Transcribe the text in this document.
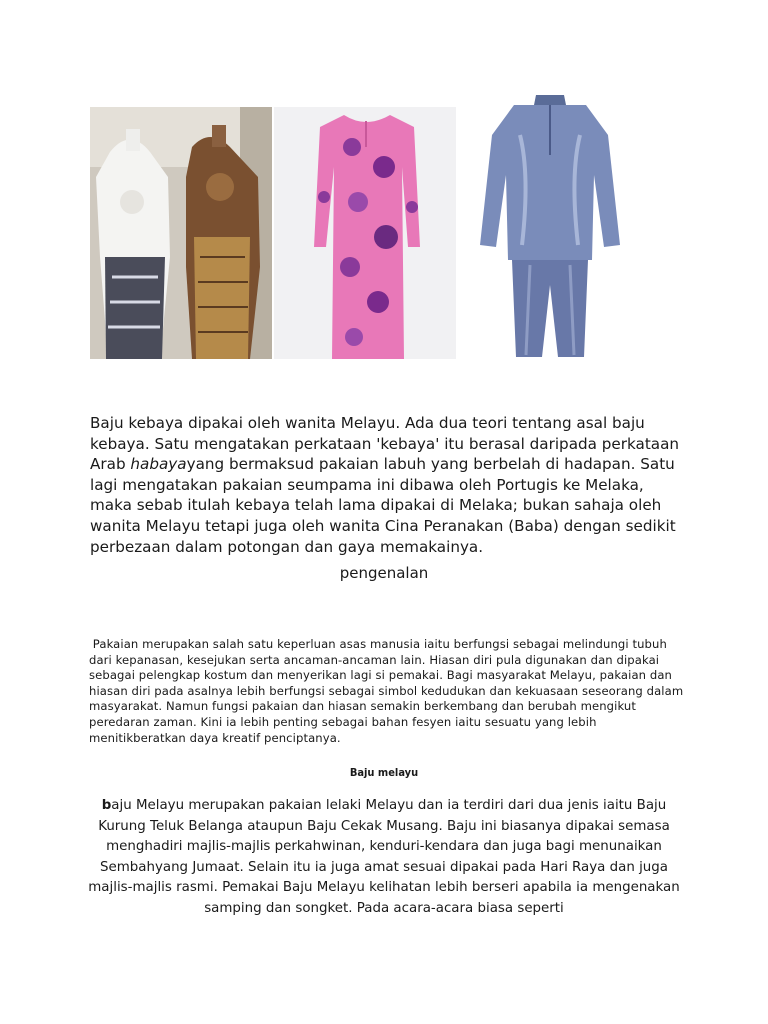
Baju kebaya dipakai oleh wanita Melayu. Ada dua teori tentang asal baju kebaya. Satu mengatakan perkataan 'kebaya' itu berasal daripada perkataan Arab habayayang bermaksud pakaian labuh yang berbelah di hadapan. Satu lagi mengatakan pakaian seumpama ini dibawa oleh Portugis ke Melaka, maka sebab itulah kebaya telah lama dipakai di Melaka; bukan sahaja oleh wanita Melayu tetapi juga oleh wanita Cina Peranakan (Baba) dengan sedikit perbezaan dalam potongan dan gaya memakainya.

pengenalan

Pakaian merupakan salah satu keperluan asas manusia iaitu berfungsi sebagai melindungi tubuh dari kepanasan, kesejukan serta ancaman-ancaman lain. Hiasan diri pula digunakan dan dipakai sebagai pelengkap kostum dan menyerikan lagi si pemakai. Bagi masyarakat Melayu, pakaian dan hiasan diri pada asalnya lebih berfungsi sebagai simbol kedudukan dan kekuasaan seseorang dalam masyarakat. Namun fungsi pakaian dan hiasan semakin berkembang dan berubah mengikut peredaran zaman. Kini ia lebih penting sebagai bahan fesyen iaitu sesuatu yang lebih menitikberatkan daya kreatif penciptanya.

Baju melayu

baju Melayu merupakan pakaian lelaki Melayu dan ia terdiri dari dua jenis iaitu Baju Kurung Teluk Belanga ataupun Baju Cekak Musang. Baju ini biasanya dipakai semasa menghadiri majlis-majlis perkahwinan, kenduri-kendara dan juga bagi menunaikan Sembahyang Jumaat. Selain itu ia juga amat sesuai dipakai pada Hari Raya dan juga majlis-majlis rasmi. Pemakai Baju Melayu kelihatan lebih berseri apabila ia mengenakan samping dan songket. Pada acara-acara biasa seperti
